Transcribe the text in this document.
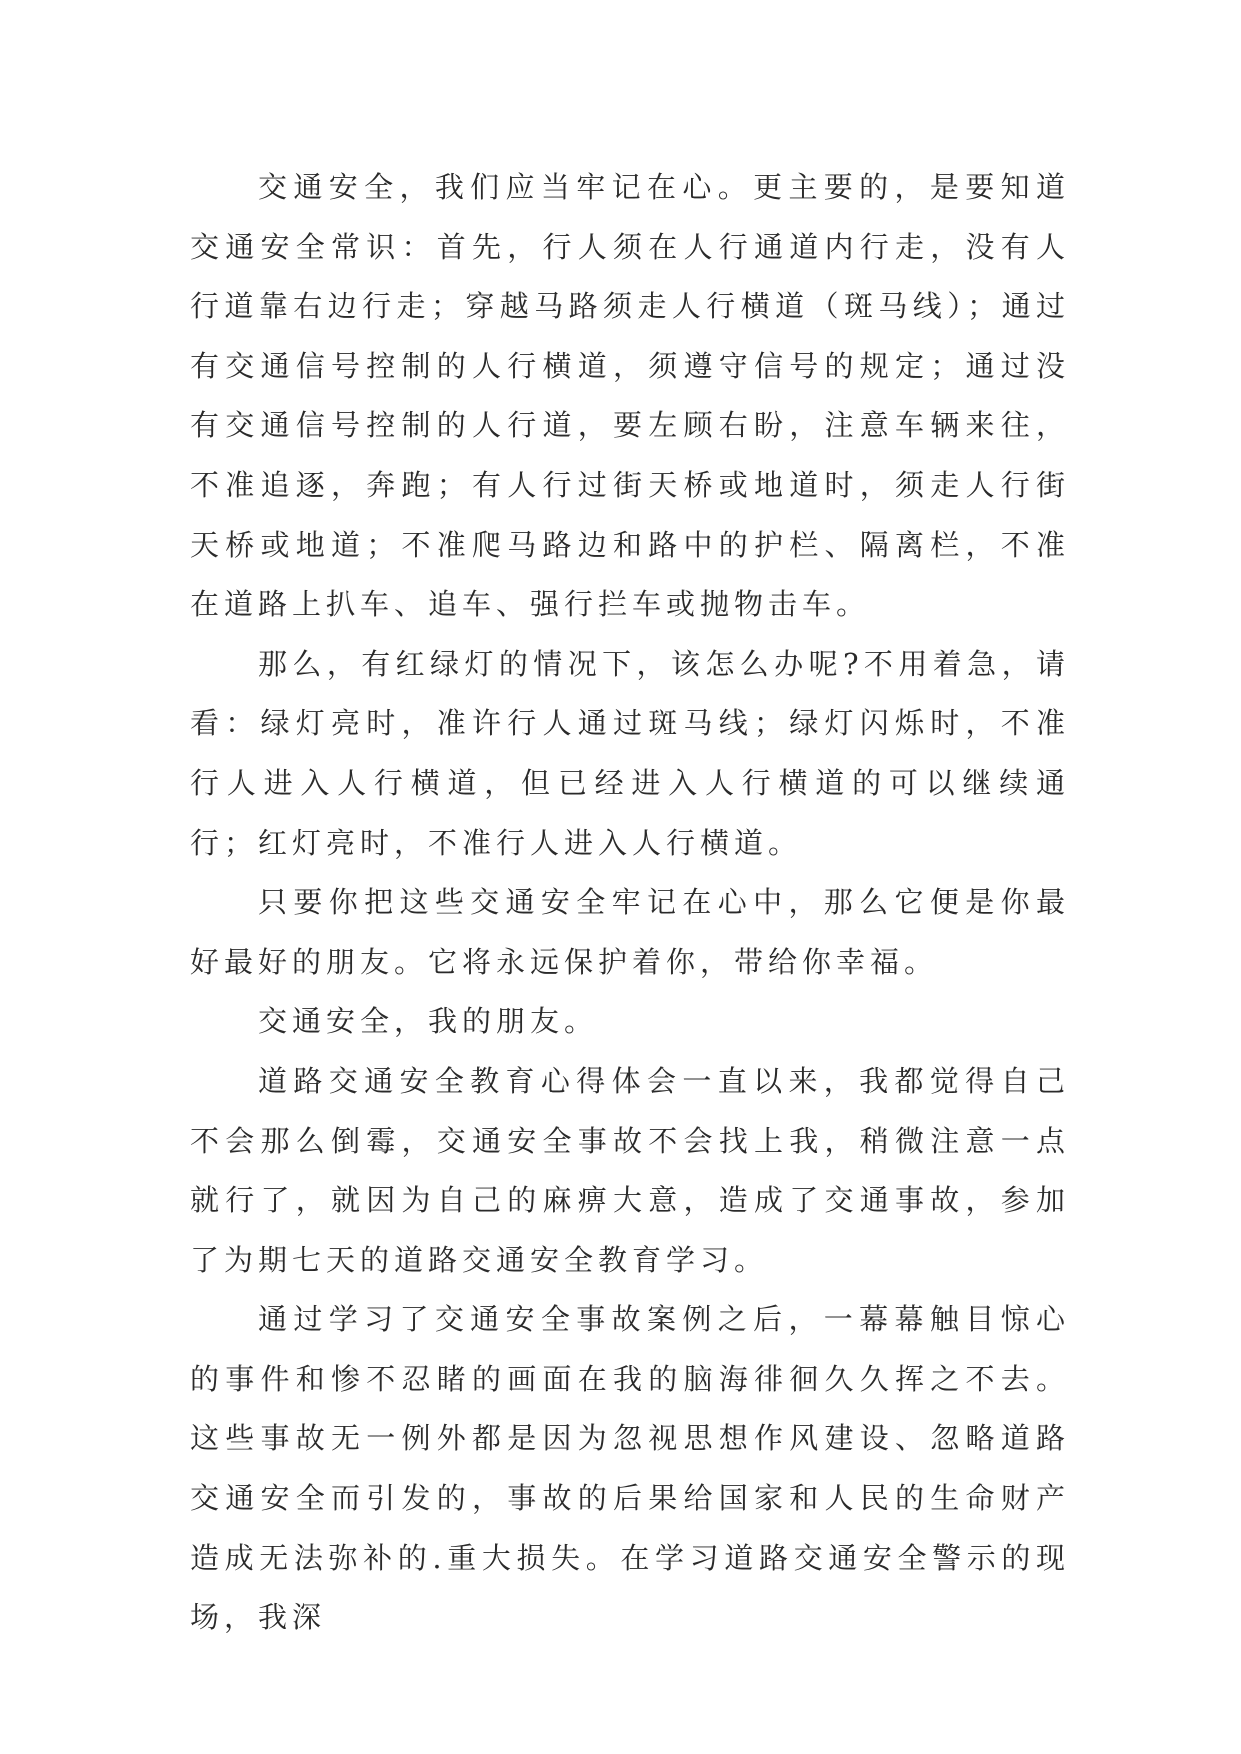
交通安全，我们应当牢记在心。更主要的，是要知道交通安全常识：首先，行人须在人行通道内行走，没有人行道靠右边行走；穿越马路须走人行横道（斑马线）；通过有交通信号控制的人行横道，须遵守信号的规定；通过没有交通信号控制的人行道，要左顾右盼，注意车辆来往，不准追逐，奔跑；有人行过街天桥或地道时，须走人行街天桥或地道；不准爬马路边和路中的护栏、隔离栏，不准在道路上扒车、追车、强行拦车或抛物击车。

那么，有红绿灯的情况下，该怎么办呢?不用着急，请看：绿灯亮时，准许行人通过斑马线；绿灯闪烁时，不准行人进入人行横道，但已经进入人行横道的可以继续通行；红灯亮时，不准行人进入人行横道。

只要你把这些交通安全牢记在心中，那么它便是你最好最好的朋友。它将永远保护着你，带给你幸福。

交通安全，我的朋友。

道路交通安全教育心得体会一直以来，我都觉得自己不会那么倒霉，交通安全事故不会找上我，稍微注意一点就行了，就因为自己的麻痹大意，造成了交通事故，参加了为期七天的道路交通安全教育学习。

通过学习了交通安全事故案例之后，一幕幕触目惊心的事件和惨不忍睹的画面在我的脑海徘徊久久挥之不去。这些事故无一例外都是因为忽视思想作风建设、忽略道路交通安全而引发的，事故的后果给国家和人民的生命财产造成无法弥补的.重大损失。在学习道路交通安全警示的现场，我深
